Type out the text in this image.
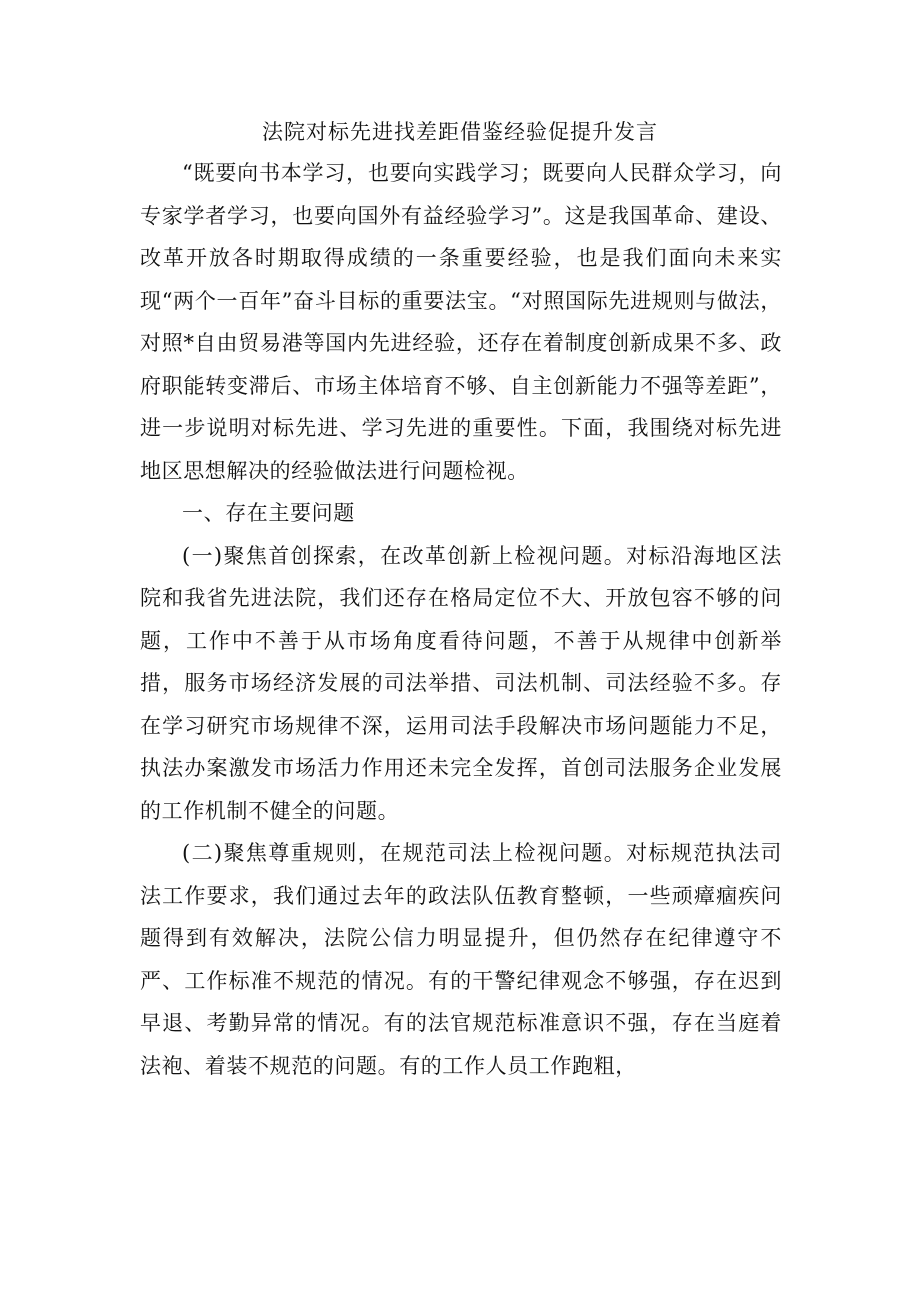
法院对标先进找差距借鉴经验促提升发言

“既要向书本学习，也要向实践学习；既要向人民群众学习，向专家学者学习，也要向国外有益经验学习”。这是我国革命、建设、改革开放各时期取得成绩的一条重要经验，也是我们面向未来实现“两个一百年”奋斗目标的重要法宝。“对照国际先进规则与做法，对照*自由贸易港等国内先进经验，还存在着制度创新成果不多、政府职能转变滞后、市场主体培育不够、自主创新能力不强等差距”，进一步说明对标先进、学习先进的重要性。下面，我围绕对标先进地区思想解决的经验做法进行问题检视。

一、存在主要问题

(一)聚焦首创探索，在改革创新上检视问题。对标沿海地区法院和我省先进法院，我们还存在格局定位不大、开放包容不够的问题，工作中不善于从市场角度看待问题，不善于从规律中创新举措，服务市场经济发展的司法举措、司法机制、司法经验不多。存在学习研究市场规律不深，运用司法手段解决市场问题能力不足，执法办案激发市场活力作用还未完全发挥，首创司法服务企业发展的工作机制不健全的问题。

(二)聚焦尊重规则，在规范司法上检视问题。对标规范执法司法工作要求，我们通过去年的政法队伍教育整顿，一些顽瘴痼疾问题得到有效解决，法院公信力明显提升，但仍然存在纪律遵守不严、工作标准不规范的情况。有的干警纪律观念不够强，存在迟到早退、考勤异常的情况。有的法官规范标准意识不强，存在当庭着法袍、着装不规范的问题。有的工作人员工作跑粗，
